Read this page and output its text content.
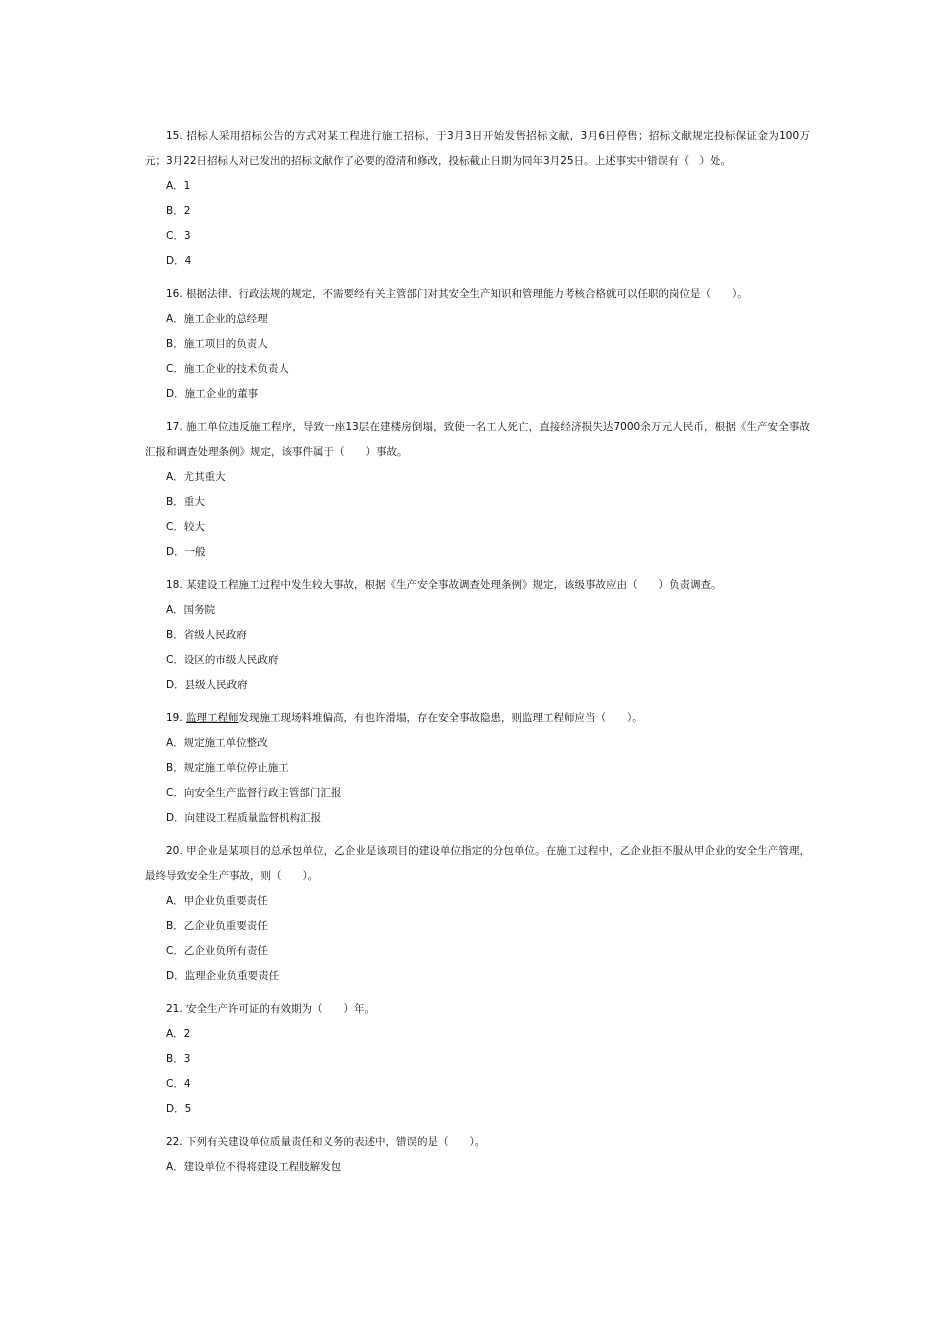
15. 招标人采用招标公告的方式对某工程进行施工招标，于3月3日开始发售招标文献，3月6日停售；招标文献规定投标保证金为100万元；3月22日招标人对已发出的招标文献作了必要的澄清和修改，投标截止日期为同年3月25日。上述事实中错误有（　）处。

A．1
B．2
C．3
D．4

16. 根据法律、行政法规的规定，不需要经有关主管部门对其安全生产知识和管理能力考核合格就可以任职的岗位是（　　）。

A．施工企业的总经理
B．施工项目的负责人
C．施工企业的技术负责人
D．施工企业的董事

17. 施工单位违反施工程序，导致一座13层在建楼房倒塌，致使一名工人死亡，直接经济损失达7000余万元人民币，根据《生产安全事故汇报和调查处理条例》规定，该事件属于（　　）事故。

A．尤其重大
B．重大
C．较大
D．一般

18. 某建设工程施工过程中发生较大事故，根据《生产安全事故调查处理条例》规定，该级事故应由（　　）负责调查。

A．国务院
B．省级人民政府
C．设区的市级人民政府
D．县级人民政府

19. 监理工程师发现施工现场料堆偏高，有也许滑塌，存在安全事故隐患，则监理工程师应当（　　）。

A．规定施工单位整改
B．规定施工单位停止施工
C．向安全生产监督行政主管部门汇报
D．向建设工程质量监督机构汇报

20. 甲企业是某项目的总承包单位，乙企业是该项目的建设单位指定的分包单位。在施工过程中，乙企业拒不服从甲企业的安全生产管理，最终导致安全生产事故，则（　　）。

A．甲企业负重要责任
B．乙企业负重要责任
C．乙企业负所有责任
D．监理企业负重要责任

21. 安全生产许可证的有效期为（　　）年。

A．2
B．3
C．4
D．5

22. 下列有关建设单位质量责任和义务的表述中，错误的是（　　）。

A．建设单位不得将建设工程肢解发包
